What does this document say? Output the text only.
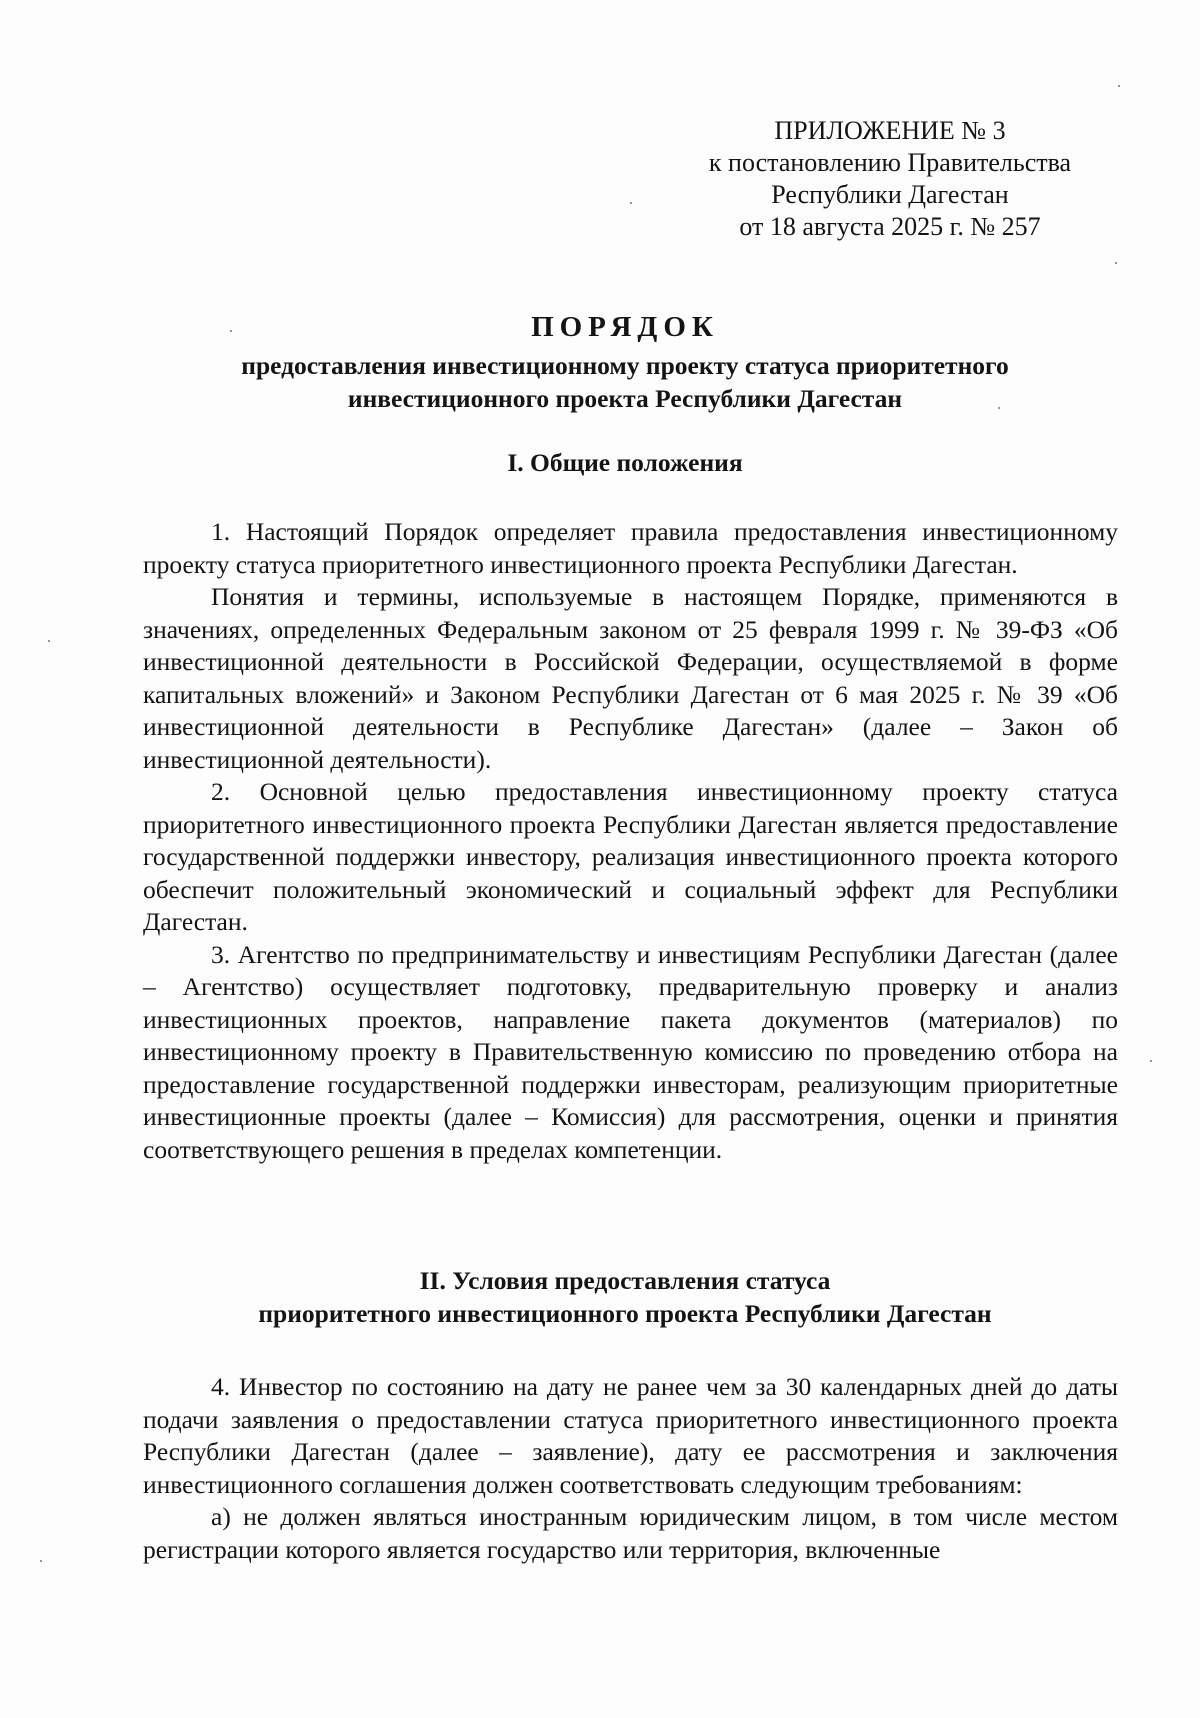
ПРИЛОЖЕНИЕ № 3
к постановлению Правительства
Республики Дагестан
от 18 августа 2025 г. № 257
ПОРЯДОК
предоставления инвестиционному проекту статуса приоритетного
инвестиционного проекта Республики Дагестан
I. Общие положения

1. Настоящий Порядок определяет правила предоставления инвестиционному проекту статуса приоритетного инвестиционного проекта Республики Дагестан.

Понятия и термины, используемые в настоящем Порядке, применяются в значениях, определенных Федеральным законом от 25 февраля 1999 г. № 39-ФЗ «Об инвестиционной деятельности в Российской Федерации, осуществляемой в форме капитальных вложений» и Законом Республики Дагестан от 6 мая 2025 г. № 39 «Об инвестиционной деятельности в Республике Дагестан» (далее – Закон об инвестиционной деятельности).

2. Основной целью предоставления инвестиционному проекту статуса приоритетного инвестиционного проекта Республики Дагестан является предоставление государственной поддержки инвестору, реализация инвестиционного проекта которого обеспечит положительный экономический и социальный эффект для Республики Дагестан.

3. Агентство по предпринимательству и инвестициям Республики Дагестан (далее – Агентство) осуществляет подготовку, предварительную проверку и анализ инвестиционных проектов, направление пакета документов (материалов) по инвестиционному проекту в Правительственную комиссию по проведению отбора на предоставление государственной поддержки инвесторам, реализующим приоритетные инвестиционные проекты (далее – Комиссия) для рассмотрения, оценки и принятия соответствующего решения в пределах компетенции.

II. Условия предоставления статуса
приоритетного инвестиционного проекта Республики Дагестан

4. Инвестор по состоянию на дату не ранее чем за 30 календарных дней до даты подачи заявления о предоставлении статуса приоритетного инвестиционного проекта Республики Дагестан (далее – заявление), дату ее рассмотрения и заключения инвестиционного соглашения должен соответствовать следующим требованиям:

а) не должен являться иностранным юридическим лицом, в том числе местом регистрации которого является государство или территория, включенные
